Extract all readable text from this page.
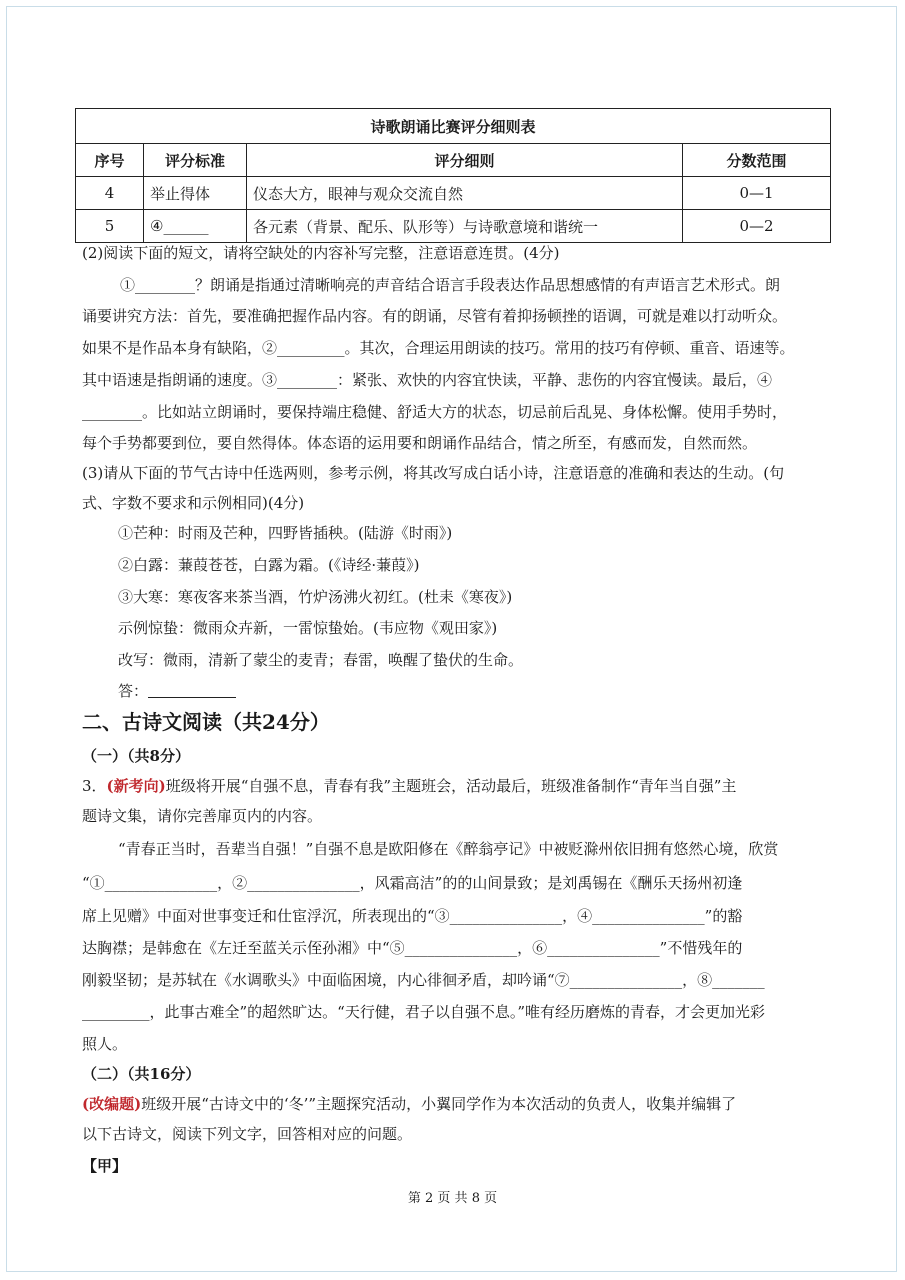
诗歌朗诵比赛评分细则表			
序号	评分标准	评分细则	分数范围
4	举止得体	仪态大方，眼神与观众交流自然	0—1
5	④______	各元素（背景、配乐、队形等）与诗歌意境和谐统一	0—2
(2)阅读下面的短文，请将空缺处的内容补写完整，注意语意连贯。(4分)
①________？朗诵是指通过清晰响亮的声音结合语言手段表达作品思想感情的有声语言艺术形式。朗
诵要讲究方法：首先，要准确把握作品内容。有的朗诵，尽管有着抑扬顿挫的语调，可就是难以打动听众。
如果不是作品本身有缺陷，②_________。其次，合理运用朗读的技巧。常用的技巧有停顿、重音、语速等。
其中语速是指朗诵的速度。③________：紧张、欢快的内容宜快读，平静、悲伤的内容宜慢读。最后，④
________。比如站立朗诵时，要保持端庄稳健、舒适大方的状态，切忌前后乱晃、身体松懈。使用手势时，
每个手势都要到位，要自然得体。体态语的运用要和朗诵作品结合，情之所至，有感而发，自然而然。
(3)请从下面的节气古诗中任选两则，参考示例，将其改写成白话小诗，注意语意的准确和表达的生动。(句
式、字数不要求和示例相同)(4分)
①芒种：时雨及芒种，四野皆插秧。(陆游《时雨》)
②白露：蒹葭苍苍，白露为霜。(《诗经·蒹葭》)
③大寒：寒夜客来茶当酒，竹炉汤沸火初红。(杜耒《寒夜》)
示例惊蛰：微雨众卉新，一雷惊蛰始。(韦应物《观田家》)
改写：微雨，清新了蒙尘的麦青；春雷，唤醒了蛰伏的生命。
答：
二、古诗文阅读（共24分）
（一）（共8分）
3．(新考向)班级将开展“自强不息，青春有我”主题班会，活动最后，班级准备制作“青年当自强”主
题诗文集，请你完善扉页内的内容。
“青春正当时，吾辈当自强！”自强不息是欧阳修在《醉翁亭记》中被贬滁州依旧拥有悠然心境，欣赏
“①_______________，②_______________，风霜高洁”的的山间景致；是刘禹锡在《酬乐天扬州初逢
席上见赠》中面对世事变迁和仕宦浮沉，所表现出的“③_______________，④_______________”的豁
达胸襟；是韩愈在《左迁至蓝关示侄孙湘》中“⑤_______________，⑥_______________”不惜残年的
刚毅坚韧；是苏轼在《水调歌头》中面临困境，内心徘徊矛盾，却吟诵“⑦_______________，⑧_______
_________，此事古难全”的超然旷达。“天行健，君子以自强不息。”唯有经历磨炼的青春，才会更加光彩
照人。
（二）（共16分）
(改编题)班级开展“古诗文中的‘冬’”主题探究活动，小翼同学作为本次活动的负责人，收集并编辑了
以下古诗文，阅读下列文字，回答相对应的问题。
【甲】
第 2 页 共 8 页
